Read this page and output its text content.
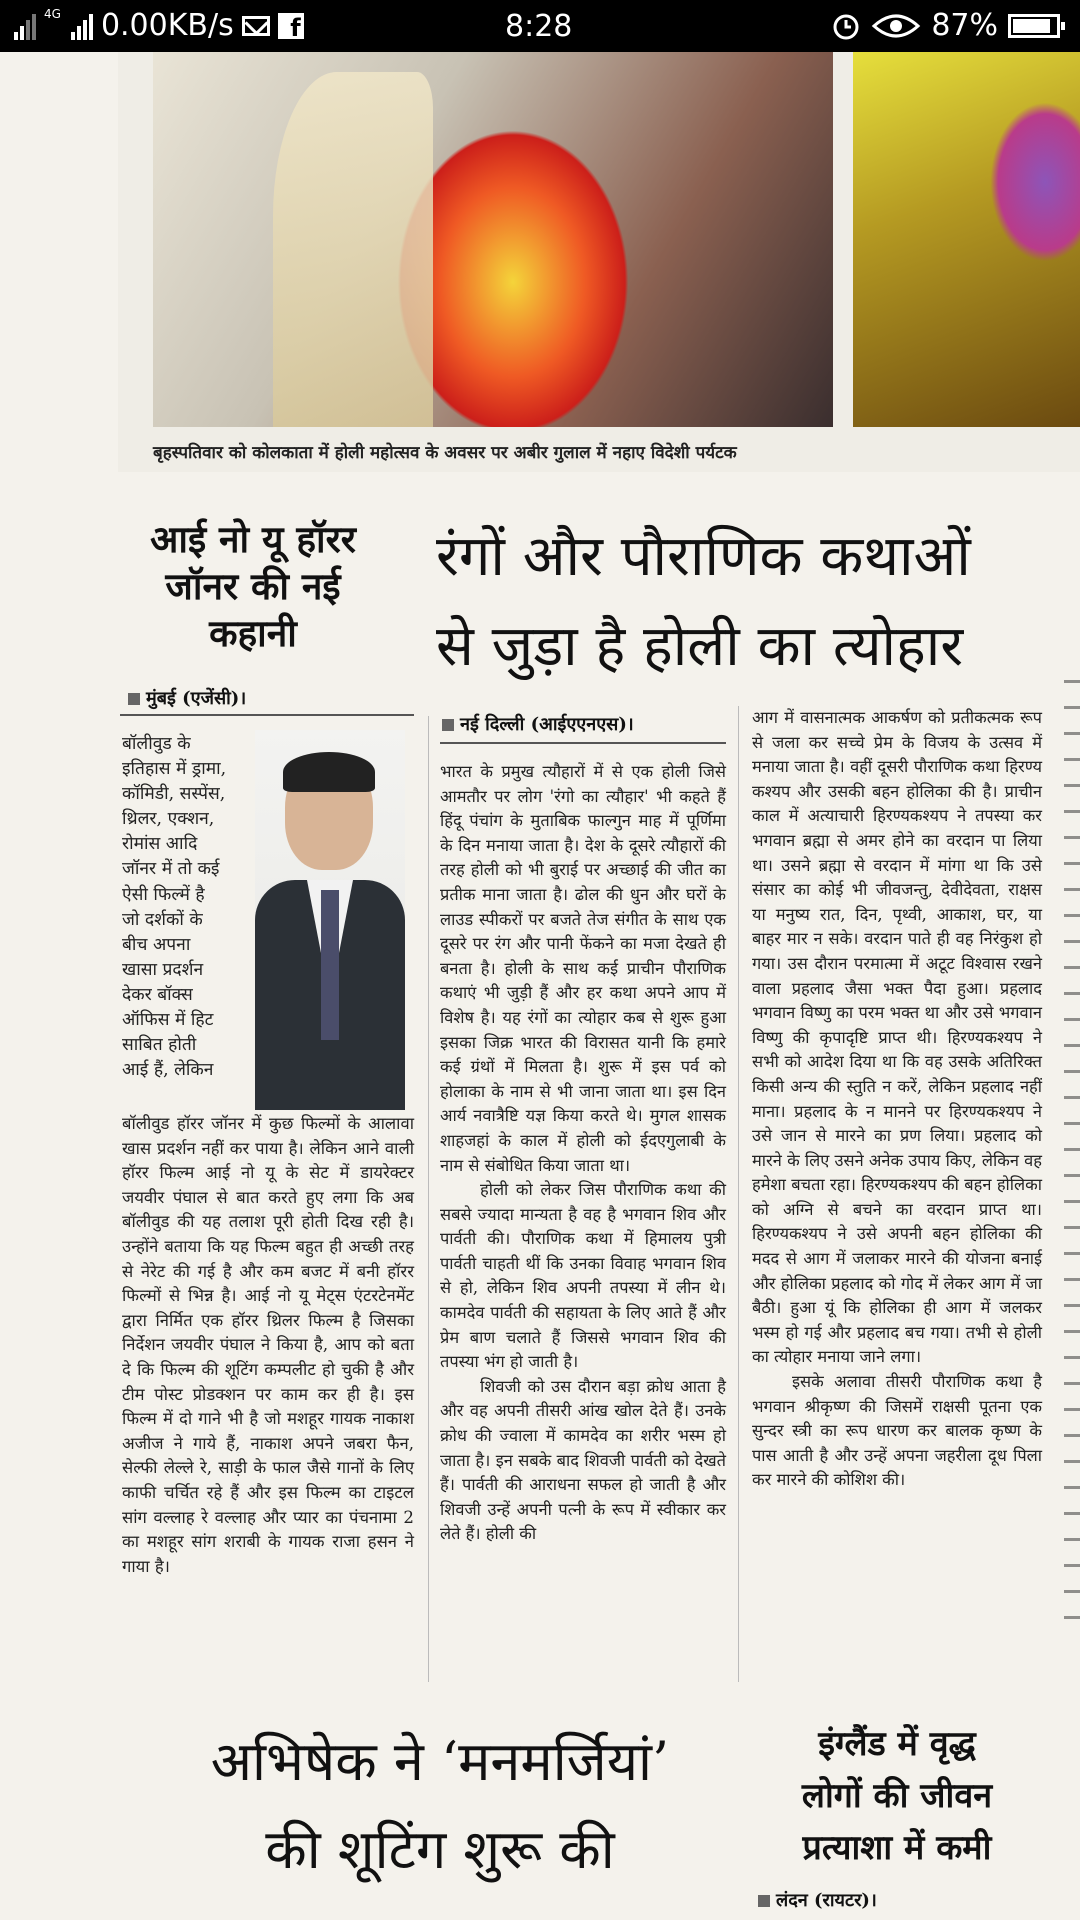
4G 0.00KB/s	f	8:28	87%
बृहस्पतिवार को कोलकाता में होली महोत्सव के अवसर पर अबीर गुलाल में नहाए विदेशी पर्यटक
आई नो यू हॉरर
जॉनर की नई
कहानी
मुंबई (एजेंसी)।

बॉलीवुड के

इतिहास में ड्रामा,

कॉमिडी, सस्पेंस,

थ्रिलर, एक्शन,

रोमांस आदि

जॉनर में तो कई

ऐसी फिल्में है

जो दर्शकों के

बीच अपना

खासा प्रदर्शन

देकर बॉक्स

ऑफिस में हिट

साबित होती

आई हैं, लेकिन

बॉलीवुड हॉरर जॉनर में कुछ फिल्मों के आलावा खास प्रदर्शन नहीं कर पाया है। लेकिन आने वाली हॉरर फिल्म आई नो यू के सेट में डायरेक्टर जयवीर पंघाल से बात करते हुए लगा कि अब बॉलीवुड की यह तलाश पूरी होती दिख रही है। उन्होंने बताया कि यह फिल्म बहुत ही अच्छी तरह से नेरेट की गई है और कम बजट में बनी हॉरर फिल्मों से भिन्न है। आई नो यू मेट्स एंटरटेनमेंट द्वारा निर्मित एक हॉरर थ्रिलर फिल्म है जिसका निर्देशन जयवीर पंघाल ने किया है, आप को बता दे कि फिल्म की शूटिंग कम्पलीट हो चुकी है और टीम पोस्ट प्रोडक्शन पर काम कर ही है। इस फिल्म में दो गाने भी है जो मशहूर गायक नाकाश अजीज ने गाये हैं, नाकाश अपने जबरा फैन, सेल्फी लेल्ले रे, साड़ी के फाल जैसे गानों के लिए काफी चर्चित रहे हैं और इस फिल्म का टाइटल सांग वल्लाह रे वल्लाह और प्यार का पंचनामा 2 का मशहूर सांग शराबी के गायक राजा हसन ने गाया है।

रंगों और पौराणिक कथाओं
से जुड़ा है होली का त्योहार
नई दिल्ली (आईएएनएस)।

भारत के प्रमुख त्यौहारों में से एक होली जिसे आमतौर पर लोग 'रंगो का त्यौहार' भी कहते हैं हिंदू पंचांग के मुताबिक फाल्गुन माह में पूर्णिमा के दिन मनाया जाता है। देश के दूसरे त्यौहारों की तरह होली को भी बुराई पर अच्छाई की जीत का प्रतीक माना जाता है। ढोल की धुन और घरों के लाउड स्पीकरों पर बजते तेज संगीत के साथ एक दूसरे पर रंग और पानी फेंकने का मजा देखते ही बनता है। होली के साथ कई प्राचीन पौराणिक कथाएं भी जुड़ी हैं और हर कथा अपने आप में विशेष है। यह रंगों का त्योहार कब से शुरू हुआ इसका जिक्र भारत की विरासत यानी कि हमारे कई ग्रंथों में मिलता है। शुरू में इस पर्व को होलाका के नाम से भी जाना जाता था। इस दिन आर्य नवात्रैष्टि यज्ञ किया करते थे। मुगल शासक शाहजहां के काल में होली को ईदएगुलाबी के नाम से संबोधित किया जाता था।

होली को लेकर जिस पौराणिक कथा की सबसे ज्यादा मान्यता है वह है भगवान शिव और पार्वती की। पौराणिक कथा में हिमालय पुत्री पार्वती चाहती थीं कि उनका विवाह भगवान शिव से हो, लेकिन शिव अपनी तपस्या में लीन थे। कामदेव पार्वती की सहायता के लिए आते हैं और प्रेम बाण चलाते हैं जिससे भगवान शिव की तपस्या भंग हो जाती है।

शिवजी को उस दौरान बड़ा क्रोध आता है और वह अपनी तीसरी आंख खोल देते हैं। उनके क्रोध की ज्वाला में कामदेव का शरीर भस्म हो जाता है। इन सबके बाद शिवजी पार्वती को देखते हैं। पार्वती की आराधना सफल हो जाती है और शिवजी उन्हें अपनी पत्नी के रूप में स्वीकार कर लेते हैं। होली की

आग में वासनात्मक आकर्षण को प्रतीकत्मक रूप से जला कर सच्चे प्रेम के विजय के उत्सव में मनाया जाता है। वहीं दूसरी पौराणिक कथा हिरण्य कश्यप और उसकी बहन होलिका की है। प्राचीन काल में अत्याचारी हिरण्यकश्यप ने तपस्या कर भगवान ब्रह्मा से अमर होने का वरदान पा लिया था। उसने ब्रह्मा से वरदान में मांगा था कि उसे संसार का कोई भी जीवजन्तु, देवीदेवता, राक्षस या मनुष्य रात, दिन, पृथ्वी, आकाश, घर, या बाहर मार न सके। वरदान पाते ही वह निरंकुश हो गया। उस दौरान परमात्मा में अटूट विश्वास रखने वाला प्रहलाद जैसा भक्त पैदा हुआ। प्रहलाद भगवान विष्णु का परम भक्त था और उसे भगवान विष्णु की कृपादृष्टि प्राप्त थी। हिरण्यकश्यप ने सभी को आदेश दिया था कि वह उसके अतिरिक्त किसी अन्य की स्तुति न करें, लेकिन प्रहलाद नहीं माना। प्रहलाद के न मानने पर हिरण्यकश्यप ने उसे जान से मारने का प्रण लिया। प्रहलाद को मारने के लिए उसने अनेक उपाय किए, लेकिन वह हमेशा बचता रहा। हिरण्यकश्यप की बहन होलिका को अग्नि से बचने का वरदान प्राप्त था। हिरण्यकश्यप ने उसे अपनी बहन होलिका की मदद से आग में जलाकर मारने की योजना बनाई और होलिका प्रहलाद को गोद में लेकर आग में जा बैठी। हुआ यूं कि होलिका ही आग में जलकर भस्म हो गई और प्रहलाद बच गया। तभी से होली का त्योहार मनाया जाने लगा।

इसके अलावा तीसरी पौराणिक कथा है भगवान श्रीकृष्ण की जिसमें राक्षसी पूतना एक सुन्दर स्त्री का रूप धारण कर बालक कृष्ण के पास आती है और उन्हें अपना जहरीला दूध पिला कर मारने की कोशिश की।

अभिषेक ने ‘मनमर्जियां’
की शूटिंग शुरू की
इंग्लैंड में वृद्ध
लोगों की जीवन
प्रत्याशा में कमी
लंदन (रायटर)।
